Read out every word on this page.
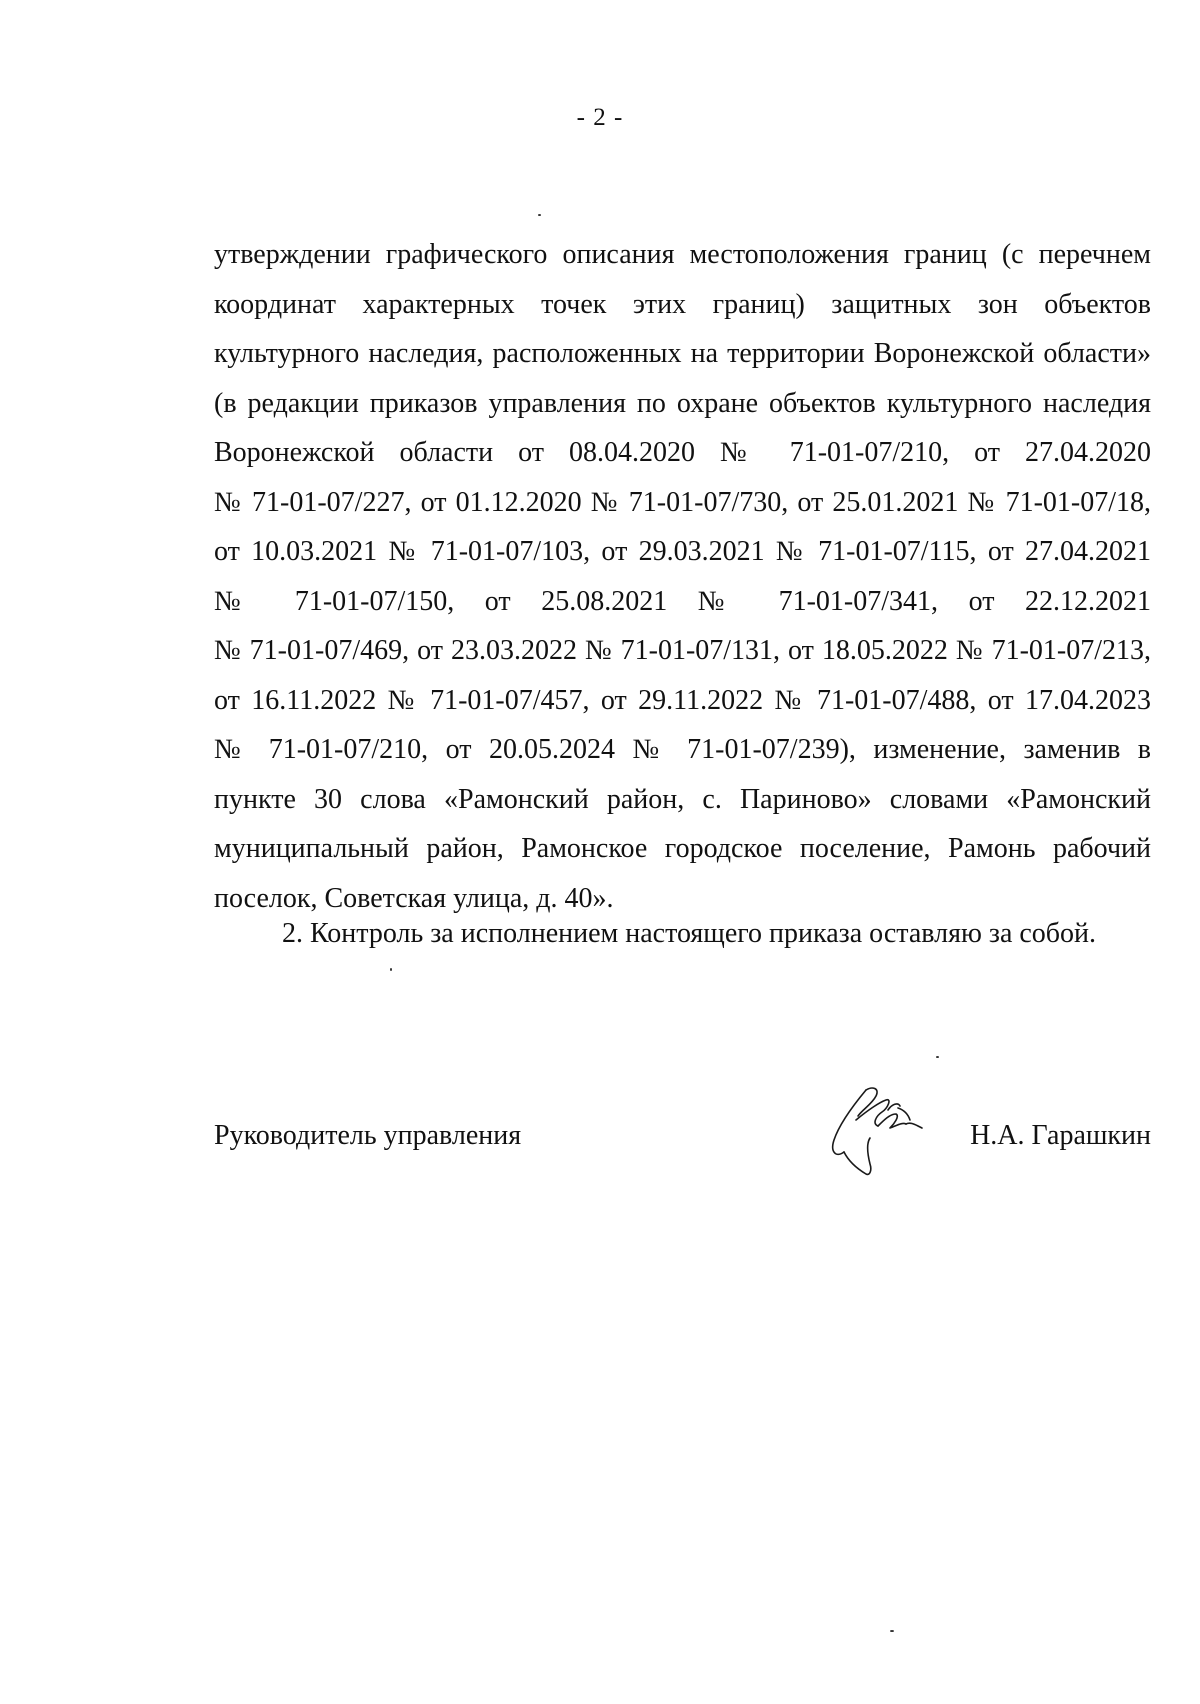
- 2 -
утверждении графического описания местоположения границ (с перечнем
координат характерных точек этих границ) защитных зон объектов
культурного наследия, расположенных на территории Воронежской области»
(в редакции приказов управления по охране объектов культурного наследия
Воронежской области от 08.04.2020 № 71-01-07/210, от 27.04.2020
№ 71-01-07/227, от 01.12.2020 № 71-01-07/730, от 25.01.2021 № 71-01-07/18,
от 10.03.2021 № 71-01-07/103, от 29.03.2021 № 71-01-07/115, от 27.04.2021
№ 71-01-07/150, от 25.08.2021 № 71-01-07/341, от 22.12.2021
№ 71-01-07/469, от 23.03.2022 № 71-01-07/131, от 18.05.2022 № 71-01-07/213,
от 16.11.2022 № 71-01-07/457, от 29.11.2022 № 71-01-07/488, от 17.04.2023
№ 71-01-07/210, от 20.05.2024 № 71-01-07/239), изменение, заменив в
пункте 30 слова «Рамонский район, с. Париново» словами «Рамонский
муниципальный район, Рамонское городское поселение, Рамонь рабочий
поселок, Советская улица, д. 40».
2. Контроль за исполнением настоящего приказа оставляю за собой.
Руководитель управления	Н.А. Гарашкин
